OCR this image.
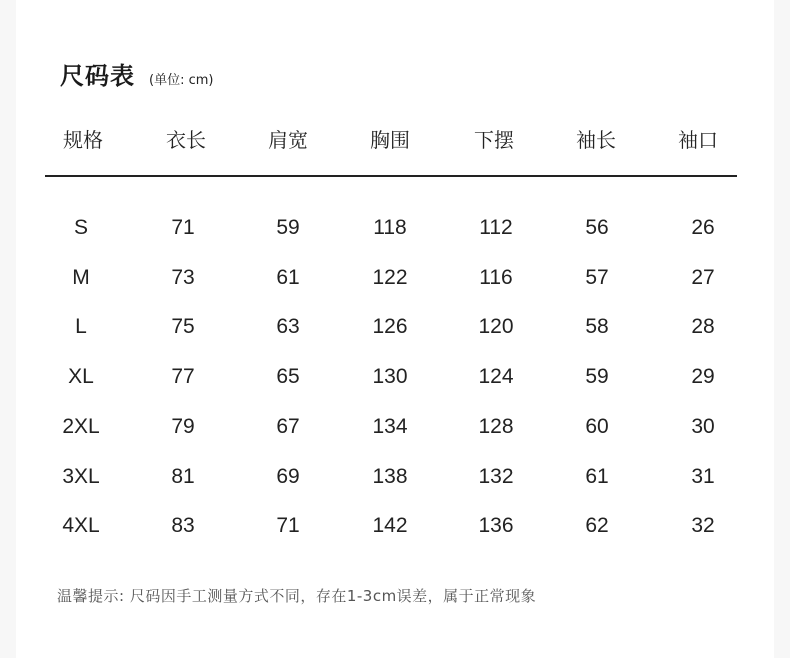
尺码表 (单位: cm)
规格	衣长	肩宽	胸围	下摆	袖长	袖口
S	71	59	118	112	56	26
M	73	61	122	116	57	27
L	75	63	126	120	58	28
XL	77	65	130	124	59	29
2XL	79	67	134	128	60	30
3XL	81	69	138	132	61	31
4XL	83	71	142	136	62	32
温馨提示: 尺码因手工测量方式不同，存在1-3cm误差，属于正常现象
